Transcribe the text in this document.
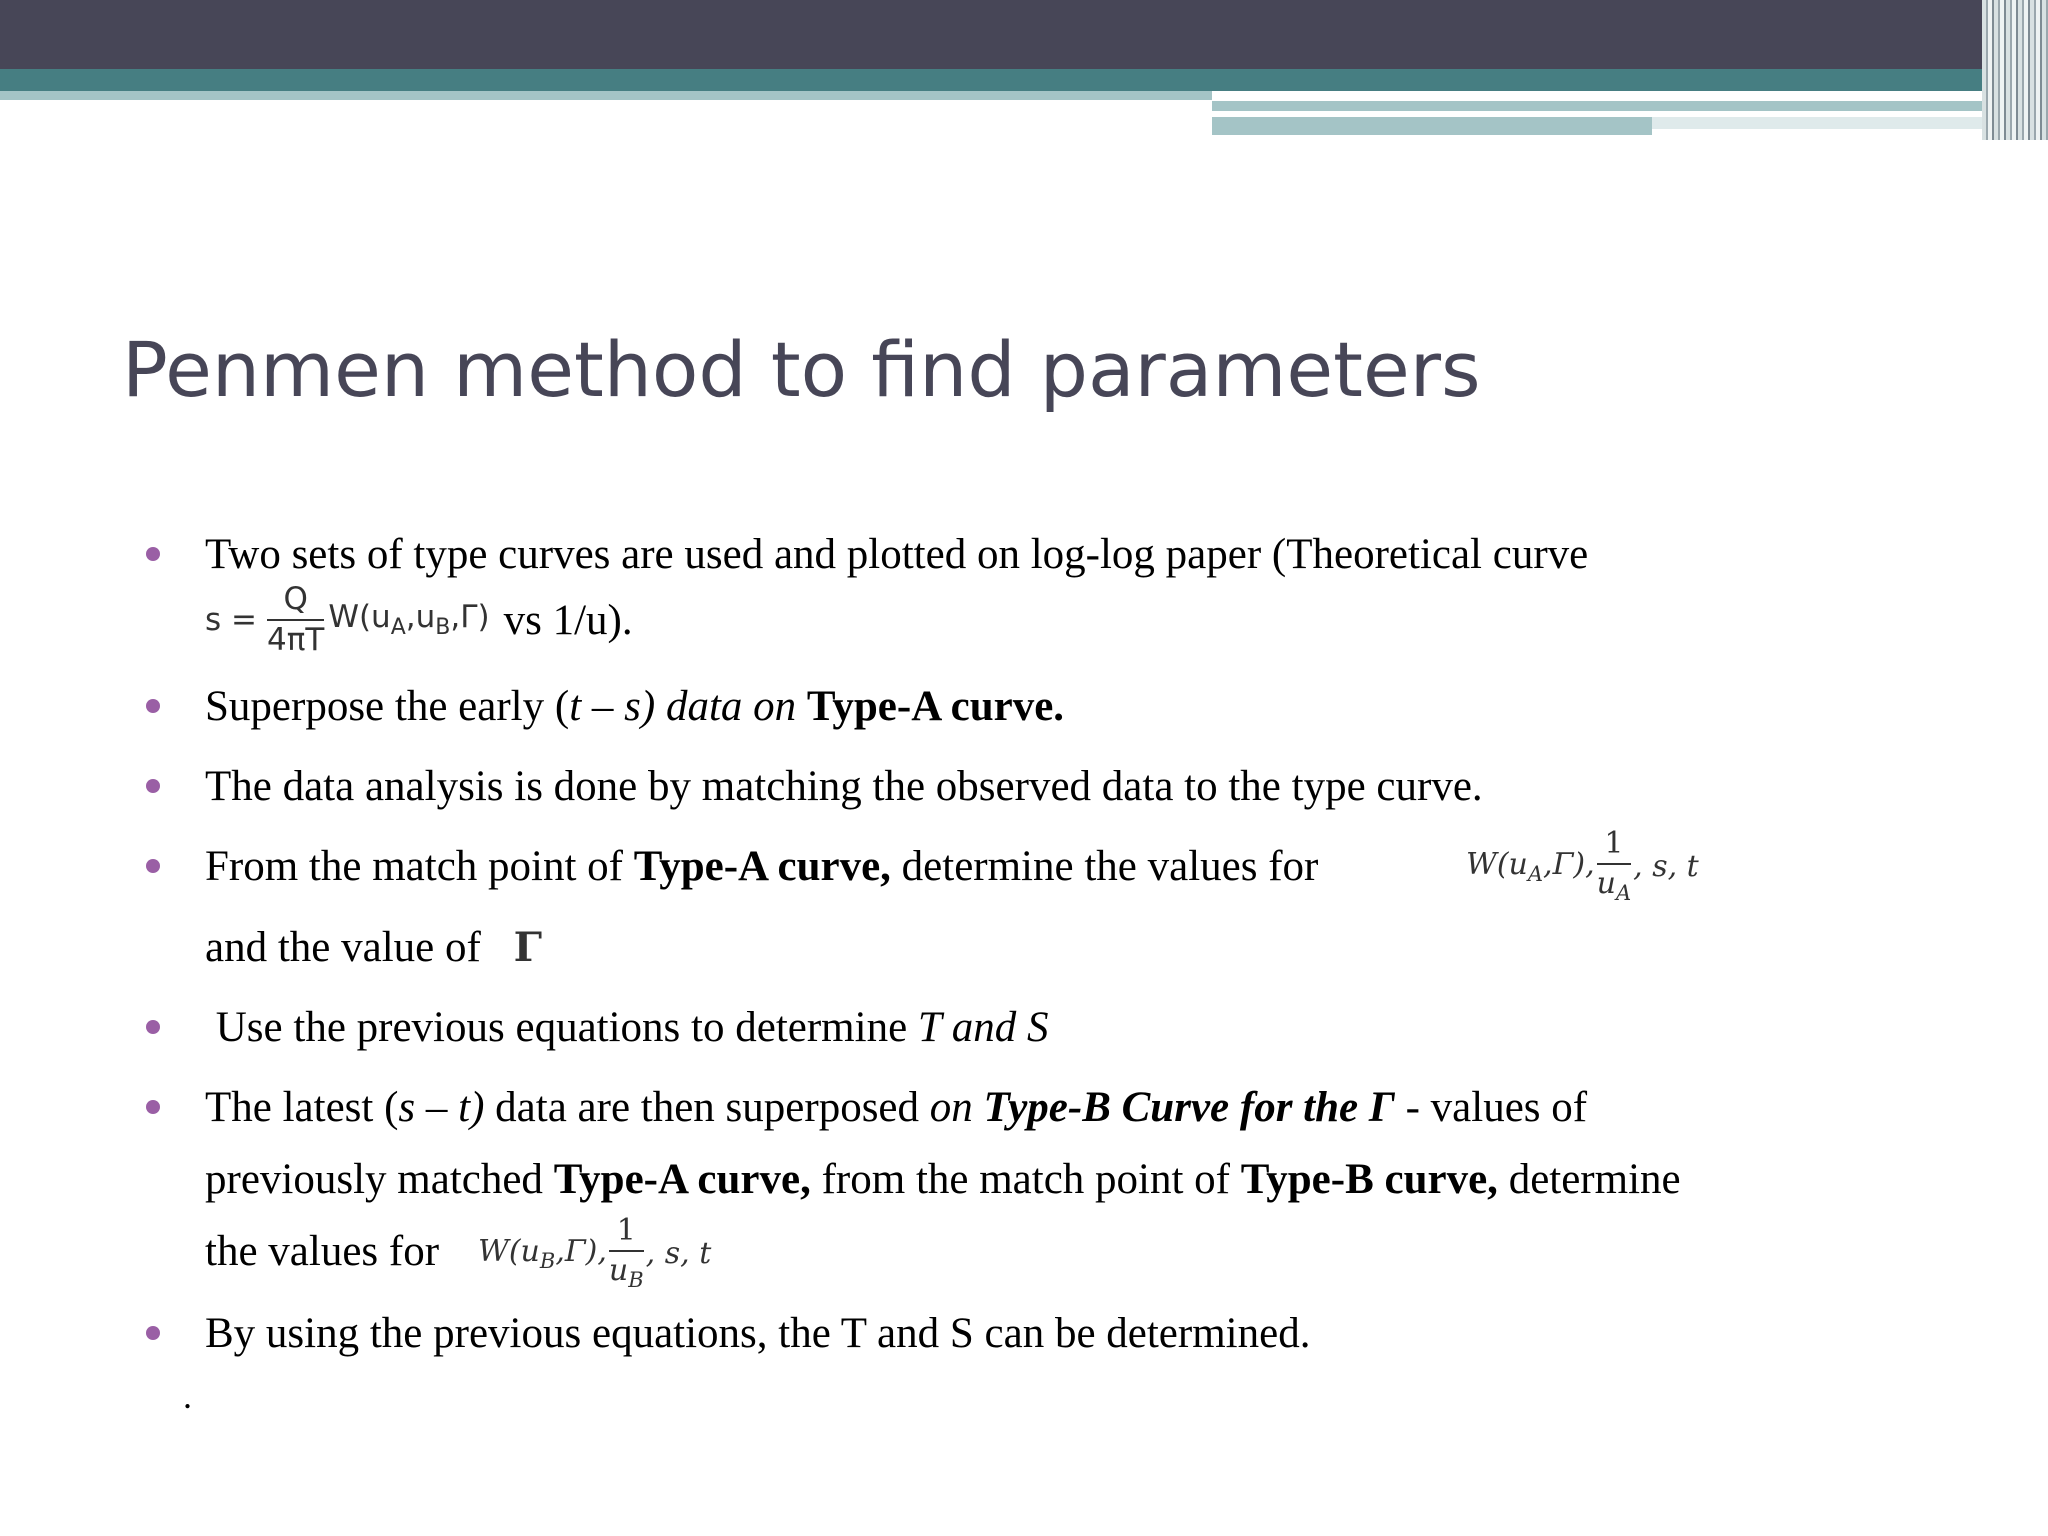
Penmen method to find parameters
Two sets of type curves are used and plotted on log-log paper (Theoretical curve
$s = \frac{Q}{4\pi T} W(u_A,u_B,\Gamma)$ vs 1/u).
Superpose the early (t – s) data on Type-A curve.
The data analysis is done by matching the observed data to the type curve.
From the match point of Type-A curve, determine the values for	$W(u_A,\Gamma)$, $\frac{1}{u_A}$ , s, t
and the value of Γ
Use the previous equations to determine T and S
The latest (s – t) data are then superposed on Type-B Curve for the Γ - values of
previously matched Type-A curve, from the match point of Type-B curve, determine
the values for $W(u_B,\Gamma)$, $\frac{1}{u_B}$ , s, t
By using the previous equations, the T and S can be determined.
.
